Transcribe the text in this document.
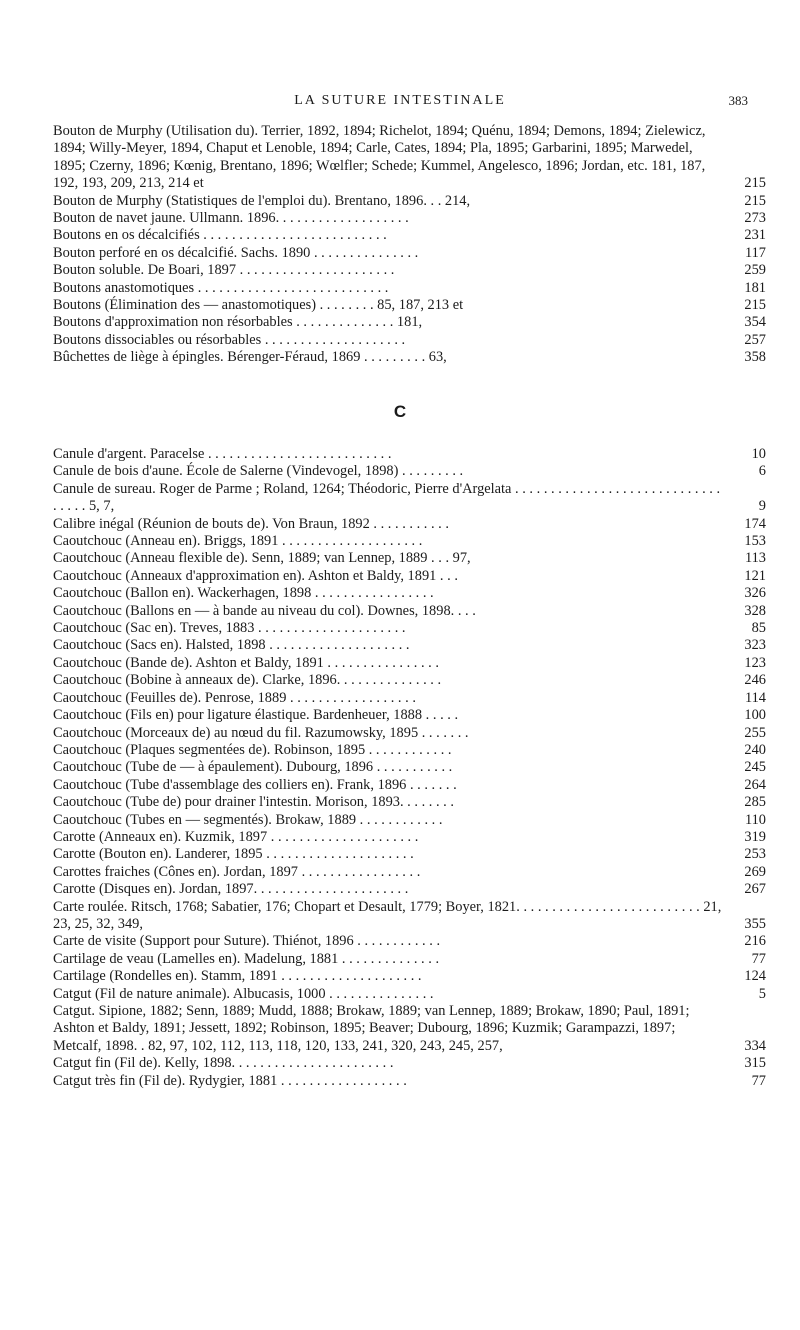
LA SUTURE INTESTINALE	383
Bouton de Murphy (Utilisation du). Terrier, 1892, 1894; Richelot, 1894; Quénu, 1894; Demons, 1894; Zielewicz, 1894; Willy-Meyer, 1894, Chaput et Lenoble, 1894; Carle, Cates, 1894; Pla, 1895; Garbarini, 1895; Marwedel, 1895; Czerny, 1896; Kœnig, Brentano, 1896; Wœlfler; Schede; Kummel, Angelesco, 1896; Jordan, etc. 181, 187, 192, 193, 209, 213, 214 et	215
Bouton de Murphy (Statistiques de l'emploi du). Brentano, 1896. . . 214,	215
Bouton de navet jaune. Ullmann. 1896. . . . . . . . . . . . . . . . . . .	273
Boutons en os décalcifiés . . . . . . . . . . . . . . . . . . . . . . . . . .	231
Bouton perforé en os décalcifié. Sachs. 1890 . . . . . . . . . . . . . . .	117
Bouton soluble. De Boari, 1897 . . . . . . . . . . . . . . . . . . . . . .	259
Boutons anastomotiques . . . . . . . . . . . . . . . . . . . . . . . . . . .	181
Boutons (Élimination des — anastomotiques) . . . . . . . . 85, 187, 213 et	215
Boutons d'approximation non résorbables . . . . . . . . . . . . . . 181,	354
Boutons dissociables ou résorbables . . . . . . . . . . . . . . . . . . . .	257
Bûchettes de liège à épingles. Bérenger-Féraud, 1869 . . . . . . . . . 63,	358
C
Canule d'argent. Paracelse . . . . . . . . . . . . . . . . . . . . . . . . . .	10
Canule de bois d'aune. École de Salerne (Vindevogel, 1898) . . . . . . . . .	6
Canule de sureau. Roger de Parme ; Roland, 1264; Théodoric, Pierre d'Argelata . . . . . . . . . . . . . . . . . . . . . . . . . . . . . . . . . . 5, 7,	9
Calibre inégal (Réunion de bouts de). Von Braun, 1892 . . . . . . . . . . .	174
Caoutchouc (Anneau en). Briggs, 1891 . . . . . . . . . . . . . . . . . . . .	153
Caoutchouc (Anneau flexible de). Senn, 1889; van Lennep, 1889 . . . 97,	113
Caoutchouc (Anneaux d'approximation en). Ashton et Baldy, 1891 . . .	121
Caoutchouc (Ballon en). Wackerhagen, 1898 . . . . . . . . . . . . . . . . .	326
Caoutchouc (Ballons en — à bande au niveau du col). Downes, 1898. . . .	328
Caoutchouc (Sac en). Treves, 1883 . . . . . . . . . . . . . . . . . . . . .	85
Caoutchouc (Sacs en). Halsted, 1898 . . . . . . . . . . . . . . . . . . . .	323
Caoutchouc (Bande de). Ashton et Baldy, 1891 . . . . . . . . . . . . . . . .	123
Caoutchouc (Bobine à anneaux de). Clarke, 1896. . . . . . . . . . . . . . .	246
Caoutchouc (Feuilles de). Penrose, 1889 . . . . . . . . . . . . . . . . . .	114
Caoutchouc (Fils en) pour ligature élastique. Bardenheuer, 1888 . . . . .	100
Caoutchouc (Morceaux de) au nœud du fil. Razumowsky, 1895 . . . . . . .	255
Caoutchouc (Plaques segmentées de). Robinson, 1895 . . . . . . . . . . . .	240
Caoutchouc (Tube de — à épaulement). Dubourg, 1896 . . . . . . . . . . .	245
Caoutchouc (Tube d'assemblage des colliers en). Frank, 1896 . . . . . . .	264
Caoutchouc (Tube de) pour drainer l'intestin. Morison, 1893. . . . . . . .	285
Caoutchouc (Tubes en — segmentés). Brokaw, 1889 . . . . . . . . . . . .	110
Carotte (Anneaux en). Kuzmik, 1897 . . . . . . . . . . . . . . . . . . . . .	319
Carotte (Bouton en). Landerer, 1895 . . . . . . . . . . . . . . . . . . . . .	253
Carottes fraiches (Cônes en). Jordan, 1897 . . . . . . . . . . . . . . . . .	269
Carotte (Disques en). Jordan, 1897. . . . . . . . . . . . . . . . . . . . . .	267
Carte roulée. Ritsch, 1768; Sabatier, 176; Chopart et Desault, 1779; Boyer, 1821. . . . . . . . . . . . . . . . . . . . . . . . . . 21, 23, 25, 32, 349,	355
Carte de visite (Support pour Suture). Thiénot, 1896 . . . . . . . . . . . .	216
Cartilage de veau (Lamelles en). Madelung, 1881 . . . . . . . . . . . . . .	77
Cartilage (Rondelles en). Stamm, 1891 . . . . . . . . . . . . . . . . . . . .	124
Catgut (Fil de nature animale). Albucasis, 1000 . . . . . . . . . . . . . . .	5
Catgut. Sipione, 1882; Senn, 1889; Mudd, 1888; Brokaw, 1889; van Lennep, 1889; Brokaw, 1890; Paul, 1891; Ashton et Baldy, 1891; Jessett, 1892; Robinson, 1895; Beaver; Dubourg, 1896; Kuzmik; Garampazzi, 1897; Metcalf, 1898. . 82, 97, 102, 112, 113, 118, 120, 133, 241, 320, 243, 245, 257,	334
Catgut fin (Fil de). Kelly, 1898. . . . . . . . . . . . . . . . . . . . . . .	315
Catgut très fin (Fil de). Rydygier, 1881 . . . . . . . . . . . . . . . . . .	77
